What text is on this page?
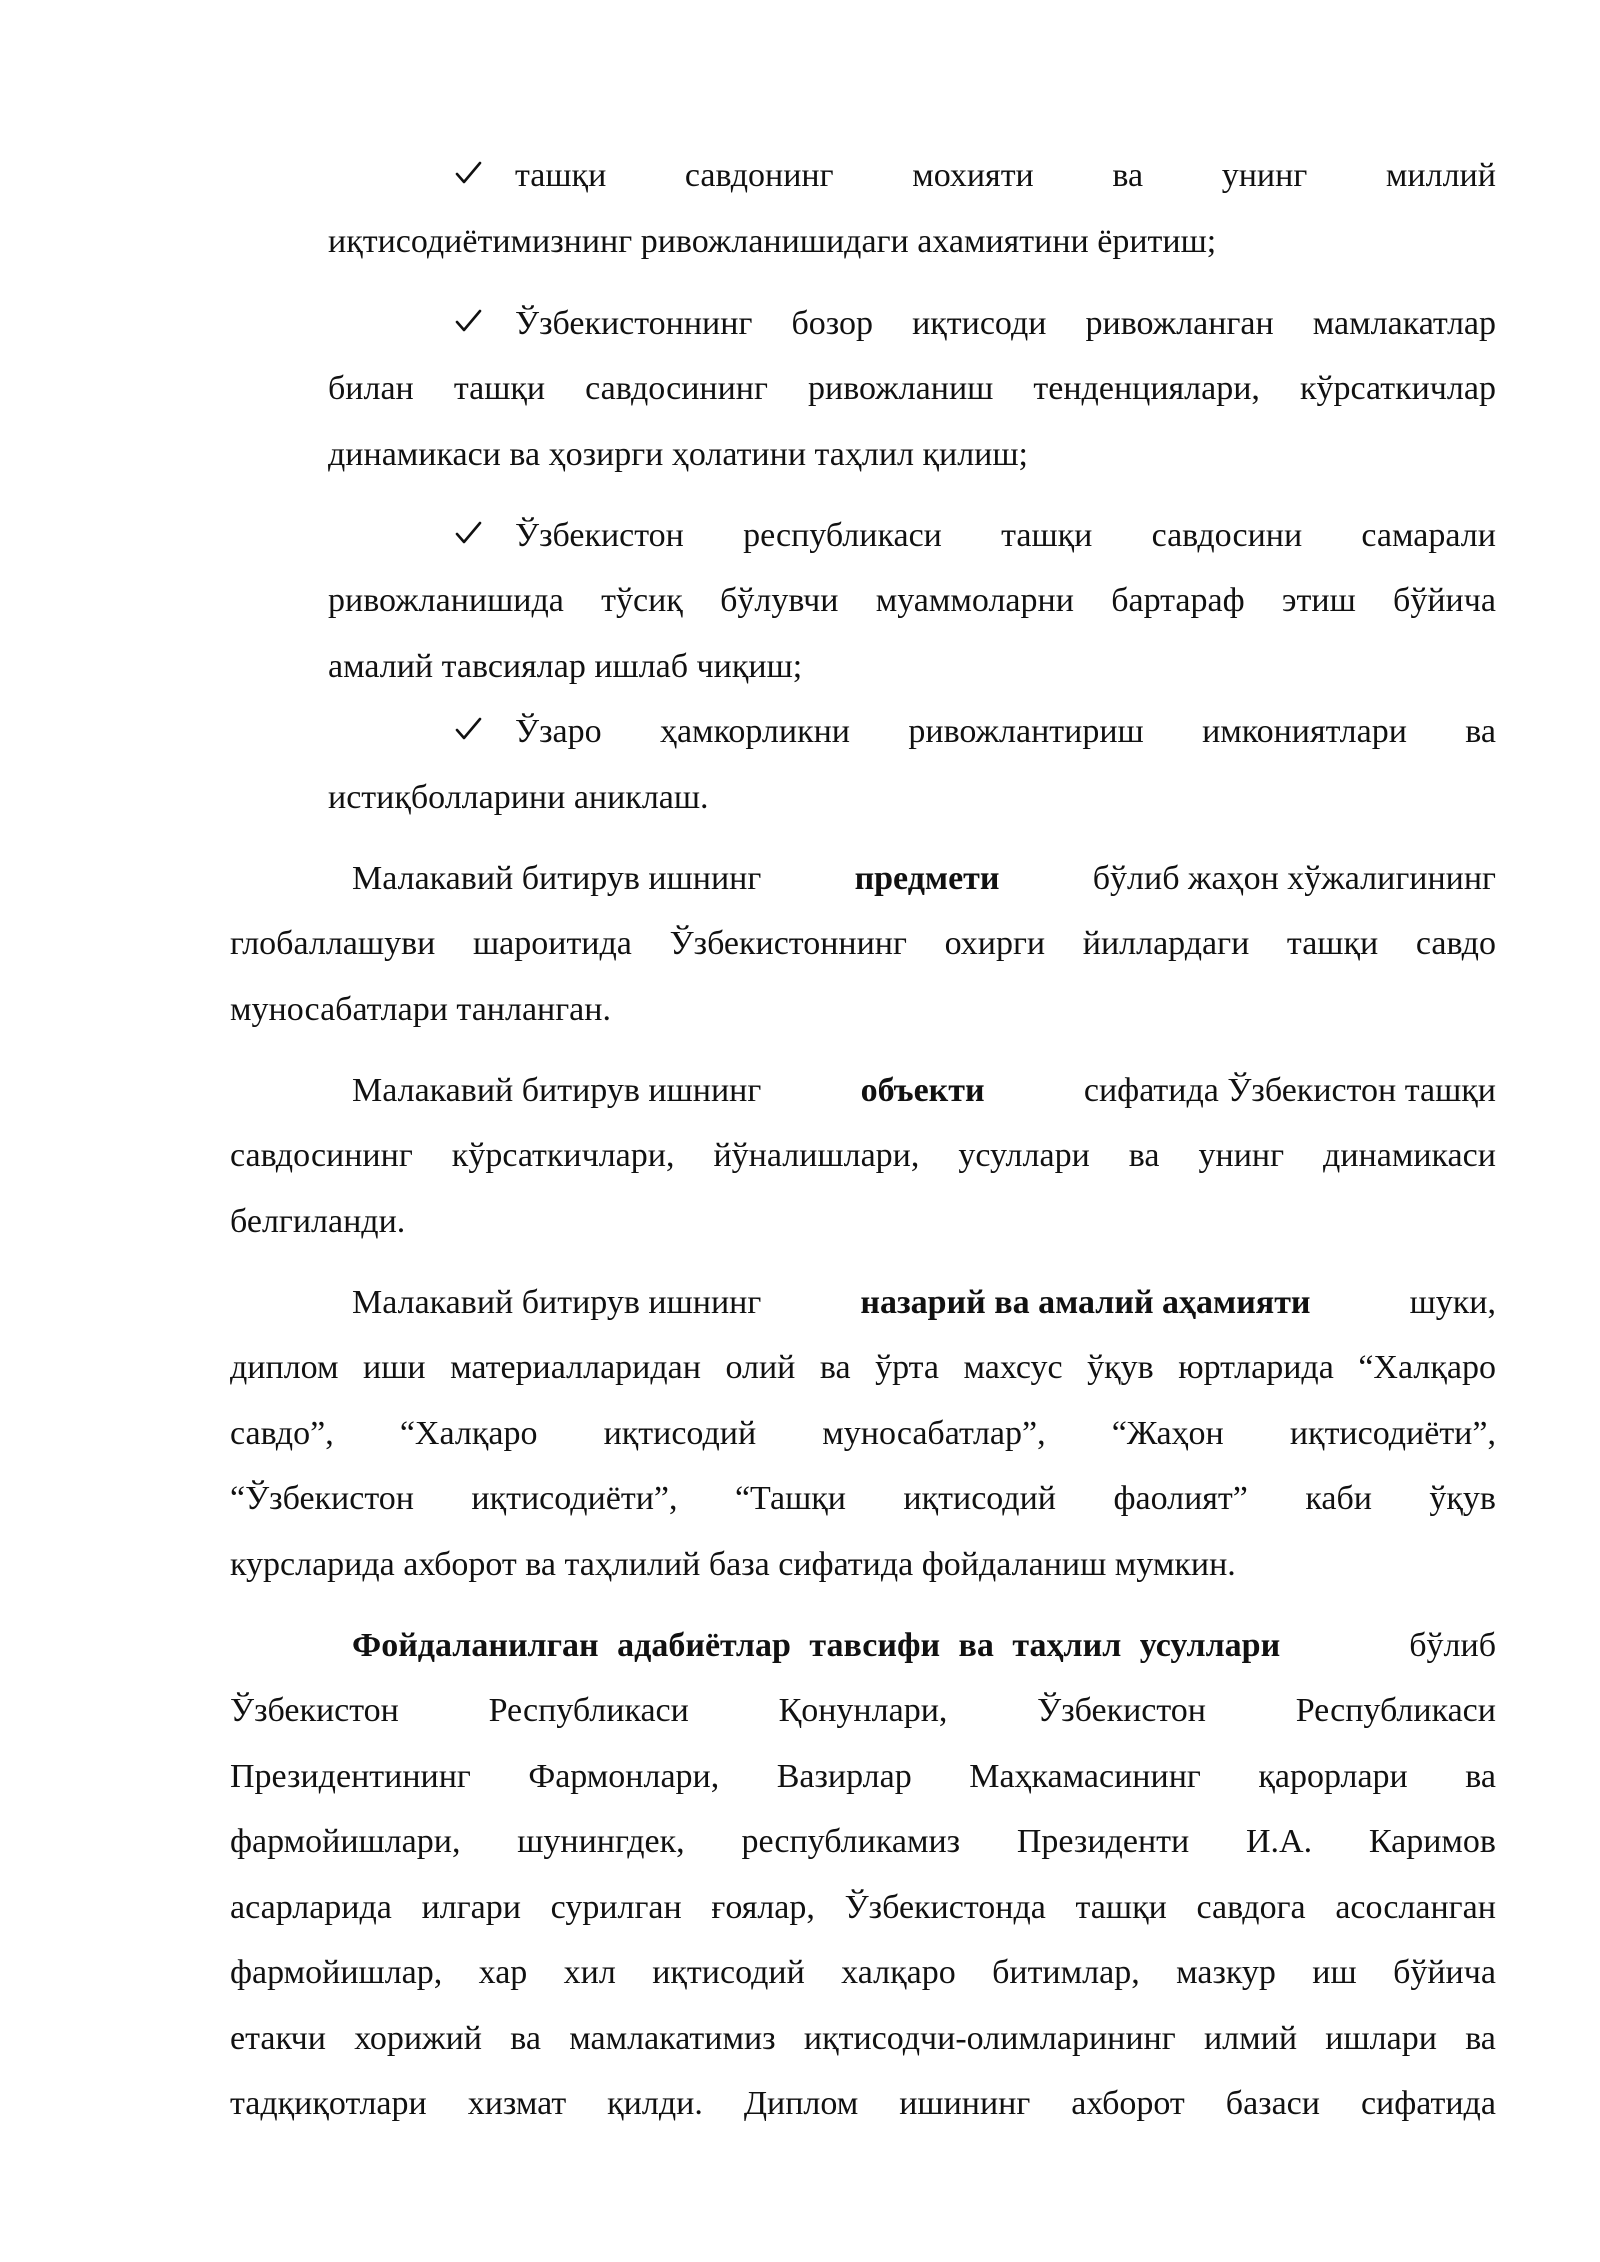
ташқи савдонинг мохияти ва унинг миллий
иқтисодиётимизнинг ривожланишидаги ахамиятини ёритиш;
Ўзбекистоннинг бозор иқтисоди ривожланган мамлакатлар
билан ташқи савдосининг ривожланиш тенденциялари, кўрсаткичлар
динамикаси ва ҳозирги ҳолатини таҳлил қилиш;
Ўзбекистон республикаси ташқи савдосини самарали
ривожланишида тўсиқ бўлувчи муаммоларни бартараф этиш бўйича
амалий тавсиялар ишлаб чиқиш;
Ўзаро ҳамкорликни ривожлантириш имкониятлари ва
истиқболларини аниклаш.
Малакавий битирув ишнинг	предмети	бўлиб жаҳон хўжалигининг
глобаллашуви шароитида Ўзбекистоннинг охирги йиллардаги ташқи савдо
муносабатлари танланган.
Малакавий битирув ишнинг	объекти	сифатида Ўзбекистон ташқи
савдосининг кўрсаткичлари, йўналишлари, усуллари ва унинг динамикаси
белгиланди.
Малакавий битирув ишнинг	назарий ва амалий аҳамияти	шуки,
диплом иши материалларидан олий ва ўрта махсус ўқув юртларида “Халқаро
савдо”, “Халқаро иқтисодий муносабатлар”, “Жаҳон иқтисодиёти”,
“Ўзбекистон иқтисодиёти”, “Ташқи иқтисодий фаолият” каби ўқув
курсларида ахборот ва таҳлилий база сифатида фойдаланиш мумкин.
Фойдаланилган адабиётлар тавсифи ва таҳлил усуллари	бўлиб
Ўзбекистон	Республикаси	Қонунлари,	Ўзбекистон	Республикаси
Президентининг Фармонлари, Вазирлар Маҳкамасининг қарорлари ва
фармойишлари, шунингдек, республикамиз Президенти И.А. Каримов
асарларида илгари сурилган ғоялар, Ўзбекистонда ташқи савдога асосланган
фармойишлар, хар хил иқтисодий халқаро битимлар, мазкур иш бўйича
етакчи хорижий ва мамлакатимиз иқтисодчи-олимларининг илмий ишлари ва
тадқиқотлари хизмат қилди. Диплом ишининг ахборот базаси сифатида
